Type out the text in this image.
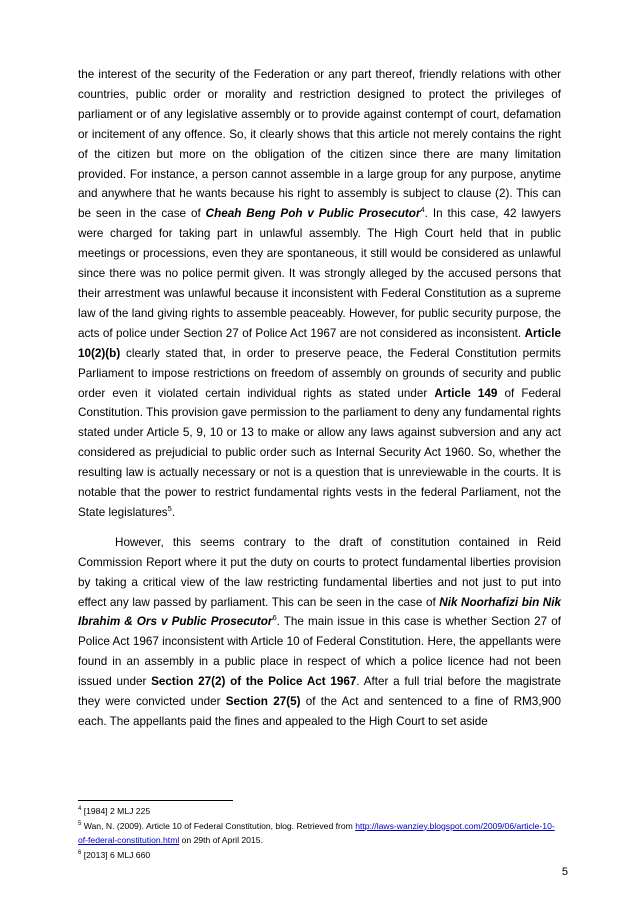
the interest of the security of the Federation or any part thereof, friendly relations with other countries, public order or morality and restriction designed to protect the privileges of parliament or of any legislative assembly or to provide against contempt of court, defamation or incitement of any offence. So, it clearly shows that this article not merely contains the right of the citizen but more on the obligation of the citizen since there are many limitation provided. For instance, a person cannot assemble in a large group for any purpose, anytime and anywhere that he wants because his right to assembly is subject to clause (2). This can be seen in the case of Cheah Beng Poh v Public Prosecutor$^4$. In this case, 42 lawyers were charged for taking part in unlawful assembly. The High Court held that in public meetings or processions, even they are spontaneous, it still would be considered as unlawful since there was no police permit given. It was strongly alleged by the accused persons that their arrestment was unlawful because it inconsistent with Federal Constitution as a supreme law of the land giving rights to assemble peaceably. However, for public security purpose, the acts of police under Section 27 of Police Act 1967 are not considered as inconsistent. Article 10(2)(b) clearly stated that, in order to preserve peace, the Federal Constitution permits Parliament to impose restrictions on freedom of assembly on grounds of security and public order even it violated certain individual rights as stated under Article 149 of Federal Constitution. This provision gave permission to the parliament to deny any fundamental rights stated under Article 5, 9, 10 or 13 to make or allow any laws against subversion and any act considered as prejudicial to public order such as Internal Security Act 1960. So, whether the resulting law is actually necessary or not is a question that is unreviewable in the courts. It is notable that the power to restrict fundamental rights vests in the federal Parliament, not the State legislatures$^5$.

However, this seems contrary to the draft of constitution contained in Reid Commission Report where it put the duty on courts to protect fundamental liberties provision by taking a critical view of the law restricting fundamental liberties and not just to put into effect any law passed by parliament. This can be seen in the case of Nik Noorhafizi bin Nik Ibrahim & Ors v Public Prosecutor$^6$. The main issue in this case is whether Section 27 of Police Act 1967 inconsistent with Article 10 of Federal Constitution. Here, the appellants were found in an assembly in a public place in respect of which a police licence had not been issued under Section 27(2) of the Police Act 1967. After a full trial before the magistrate they were convicted under Section 27(5) of the Act and sentenced to a fine of RM3,900 each. The appellants paid the fines and appealed to the High Court to set aside

$^4$ [1984] 2 MLJ 225

$^5$ Wan, N. (2009). Article 10 of Federal Constitution, blog. Retrieved from http://laws-wanziey.blogspot.com/2009/06/article-10-of-federal-constitution.html on 29th of April 2015.

$^6$ [2013] 6 MLJ 660

5
